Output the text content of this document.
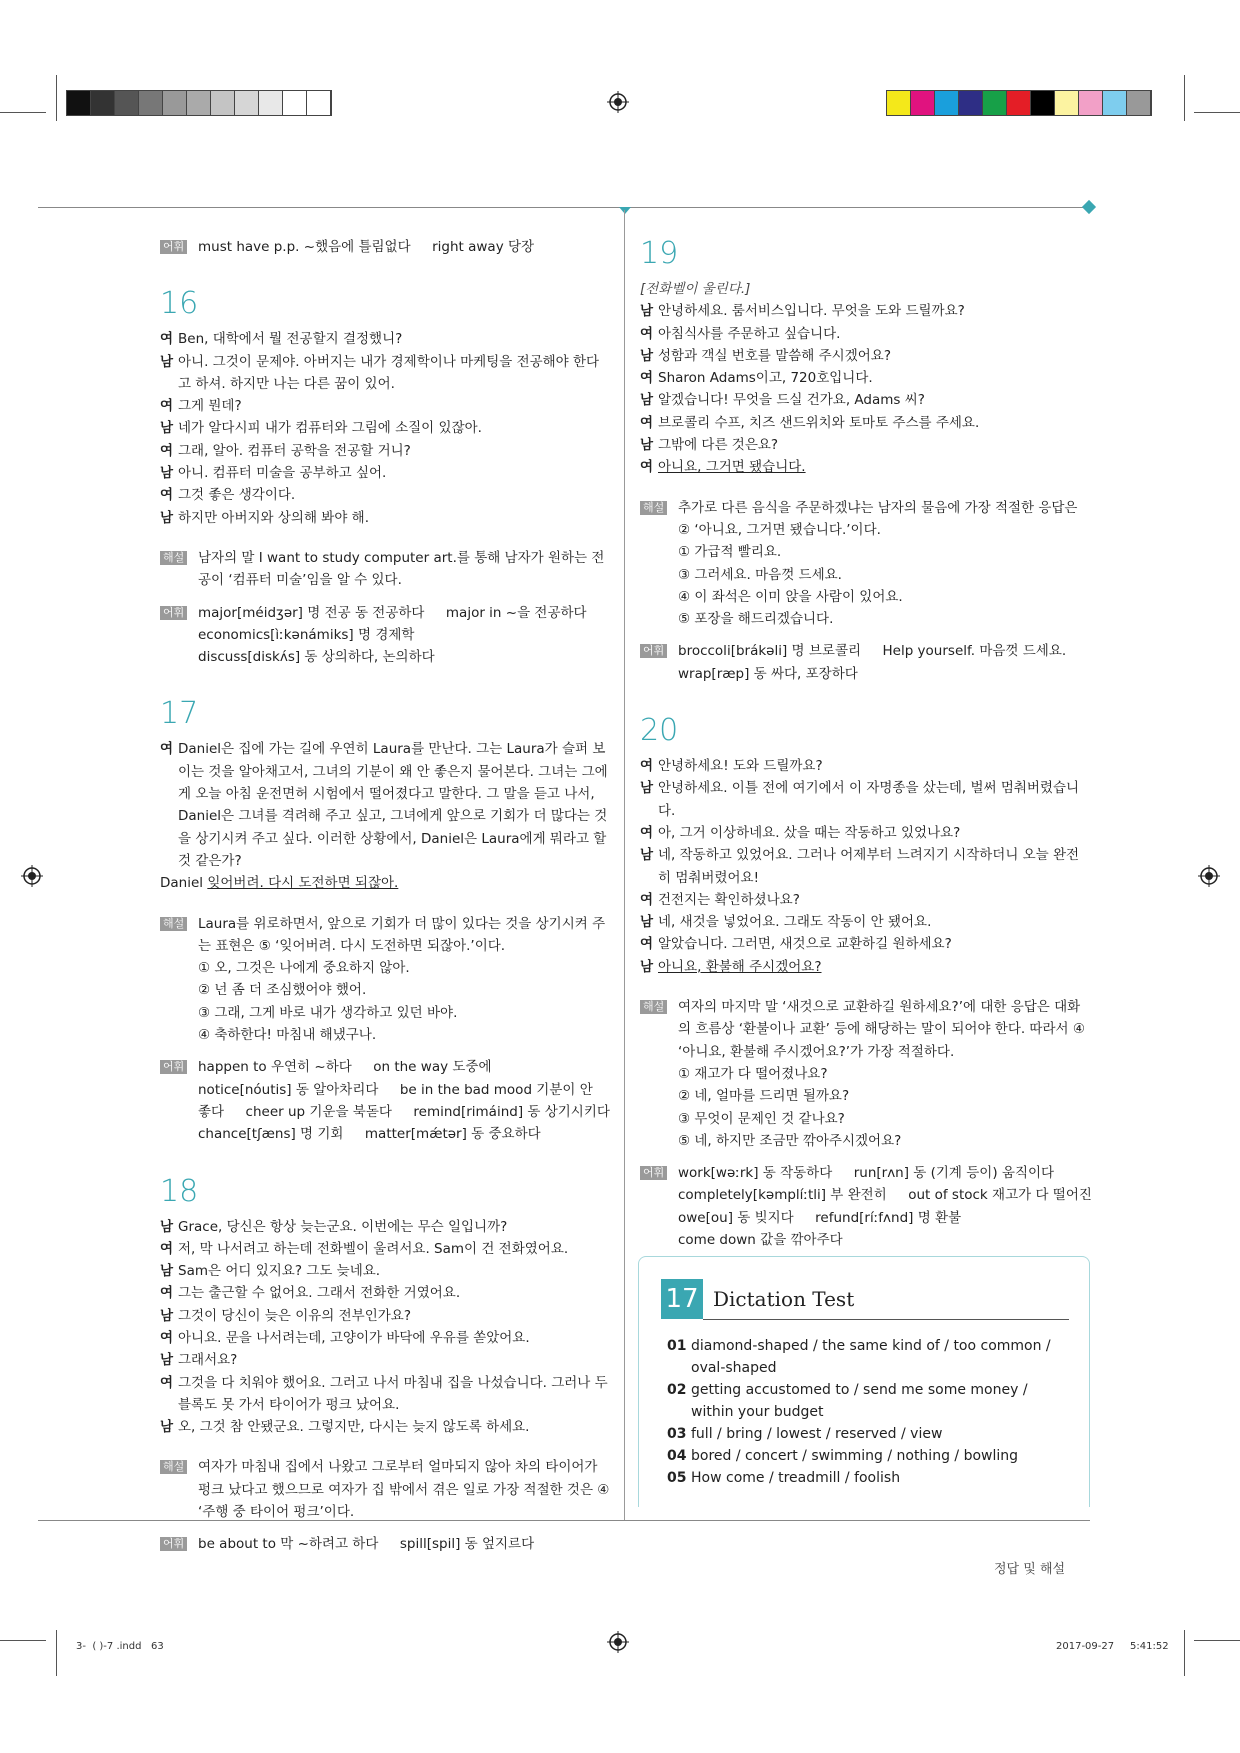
어휘 must have p.p. ~했음에 틀림없다     right away 당장
16
여 Ben, 대학에서 뭘 전공할지 결정했니?
남 아니. 그것이 문제야. 아버지는 내가 경제학이나 마케팅을 전공해야 한다고 하셔. 하지만 나는 다른 꿈이 있어.
여 그게 뭔데?
남 네가 알다시피 내가 컴퓨터와 그림에 소질이 있잖아.
여 그래, 알아. 컴퓨터 공학을 전공할 거니?
남 아니. 컴퓨터 미술을 공부하고 싶어.
여 그것 좋은 생각이다.
남 하지만 아버지와 상의해 봐야 해.
해설 남자의 말 I want to study computer art.를 통해 남자가 원하는 전공이 ‘컴퓨터 미술’임을 알 수 있다.
어휘 major[méidʒər] 명 전공 동 전공하다     major in ~을 전공하다
economics[ìːkənámiks] 명 경제학
discuss[diskʌ́s] 동 상의하다, 논의하다
17
여 Daniel은 집에 가는 길에 우연히 Laura를 만난다. 그는 Laura가 슬퍼 보이는 것을 알아채고서, 그녀의 기분이 왜 안 좋은지 물어본다. 그녀는 그에게 오늘 아침 운전면허 시험에서 떨어졌다고 말한다. 그 말을 듣고 나서, Daniel은 그녀를 격려해 주고 싶고, 그녀에게 앞으로 기회가 더 많다는 것을 상기시켜 주고 싶다. 이러한 상황에서, Daniel은 Laura에게 뭐라고 할 것 같은가?
Daniel 잊어버려. 다시 도전하면 되잖아.
해설 Laura를 위로하면서, 앞으로 기회가 더 많이 있다는 것을 상기시켜 주는 표현은 ⑤ ‘잊어버려. 다시 도전하면 되잖아.’이다.
① 오, 그것은 나에게 중요하지 않아.
② 넌 좀 더 조심했어야 했어.
③ 그래, 그게 바로 내가 생각하고 있던 바야.
④ 축하한다! 마침내 해냈구나.
어휘 happen to 우연히 ~하다     on the way 도중에
notice[nóutis] 동 알아차리다     be in the bad mood 기분이 안
좋다     cheer up 기운을 북돋다     remind[rimáind] 동 상기시키다
chance[tʃæns] 명 기회     matter[mǽtər] 동 중요하다
18
남 Grace, 당신은 항상 늦는군요. 이번에는 무슨 일입니까?
여 저, 막 나서려고 하는데 전화벨이 울려서요. Sam이 건 전화였어요.
남 Sam은 어디 있지요? 그도 늦네요.
여 그는 출근할 수 없어요. 그래서 전화한 거였어요.
남 그것이 당신이 늦은 이유의 전부인가요?
여 아니요. 문을 나서려는데, 고양이가 바닥에 우유를 쏟았어요.
남 그래서요?
여 그것을 다 치워야 했어요. 그러고 나서 마침내 집을 나섰습니다. 그러나 두 블록도 못 가서 타이어가 펑크 났어요.
남 오, 그것 참 안됐군요. 그렇지만, 다시는 늦지 않도록 하세요.
해설 여자가 마침내 집에서 나왔고 그로부터 얼마되지 않아 차의 타이어가 펑크 났다고 했으므로 여자가 집 밖에서 겪은 일로 가장 적절한 것은 ④ ‘주행 중 타이어 펑크’이다.
어휘 be about to 막 ~하려고 하다     spill[spil] 동 엎지르다
19
[전화벨이 울린다.]
남 안녕하세요. 룸서비스입니다. 무엇을 도와 드릴까요?
여 아침식사를 주문하고 싶습니다.
남 성함과 객실 번호를 말씀해 주시겠어요?
여 Sharon Adams이고, 720호입니다.
남 알겠습니다! 무엇을 드실 건가요, Adams 씨?
여 브로콜리 수프, 치즈 샌드위치와 토마토 주스를 주세요.
남 그밖에 다른 것은요?
여 아니요, 그거면 됐습니다.
해설 추가로 다른 음식을 주문하겠냐는 남자의 물음에 가장 적절한 응답은 ② ‘아니요, 그거면 됐습니다.’이다.
① 가급적 빨리요.
③ 그러세요. 마음껏 드세요.
④ 이 좌석은 이미 앉을 사람이 있어요.
⑤ 포장을 해드리겠습니다.
어휘 broccoli[brákəli] 명 브로콜리     Help yourself. 마음껏 드세요.
wrap[ræp] 동 싸다, 포장하다
20
여 안녕하세요! 도와 드릴까요?
남 안녕하세요. 이틀 전에 여기에서 이 자명종을 샀는데, 벌써 멈춰버렸습니다.
여 아, 그거 이상하네요. 샀을 때는 작동하고 있었나요?
남 네, 작동하고 있었어요. 그러나 어제부터 느려지기 시작하더니 오늘 완전히 멈춰버렸어요!
여 건전지는 확인하셨나요?
남 네, 새것을 넣었어요. 그래도 작동이 안 됐어요.
여 알았습니다. 그러면, 새것으로 교환하길 원하세요?
남 아니요, 환불해 주시겠어요?
해설 여자의 마지막 말 ‘새것으로 교환하길 원하세요?’에 대한 응답은 대화의 흐름상 ‘환불이나 교환’ 등에 해당하는 말이 되어야 한다. 따라서 ④ ‘아니요, 환불해 주시겠어요?’가 가장 적절하다.
① 재고가 다 떨어졌나요?
② 네, 얼마를 드리면 될까요?
③ 무엇이 문제인 것 같나요?
⑤ 네, 하지만 조금만 깎아주시겠어요?
어휘 work[wəːrk] 동 작동하다     run[rʌn] 동 (기계 등이) 움직이다
completely[kəmplíːtli] 부 완전히     out of stock 재고가 다 떨어진
owe[ou] 동 빚지다     refund[ríːfʌnd] 명 환불
come down 값을 깎아주다
17 Dictation Test
01 diamond-shaped / the same kind of / too common / oval-shaped
02 getting accustomed to / send me some money / within your budget
03 full / bring / lowest / reserved / view
04 bored / concert / swimming / nothing / bowling
05 How come / treadmill / foolish
정답 및 해설
3-  ( )-7 .indd   63	2017-09-27 5:41:52
